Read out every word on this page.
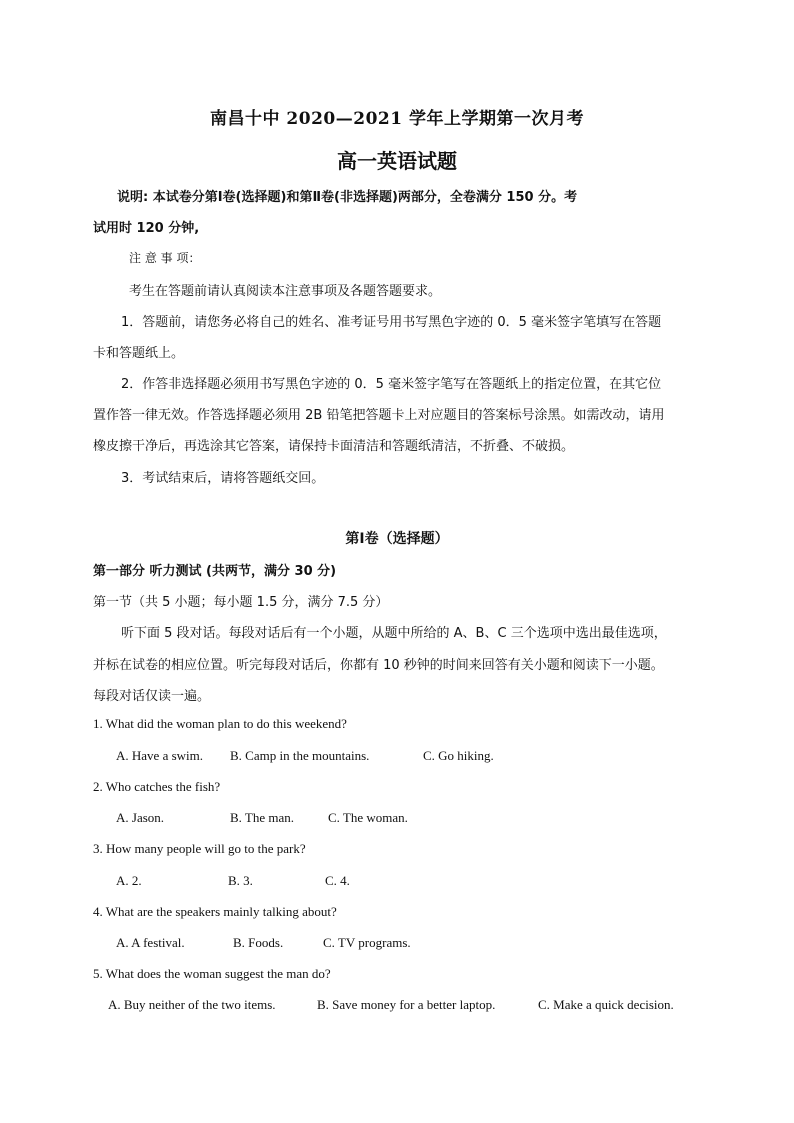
南昌十中 2020—2021 学年上学期第一次月考
高一英语试题
说明: 本试卷分第Ⅰ卷(选择题)和第Ⅱ卷(非选择题)两部分，全卷满分 150 分。考
试用时 120 分钟,
注 意 事 项：
考生在答题前请认真阅读本注意事项及各题答题要求。
1．答题前，请您务必将自己的姓名、准考证号用书写黑色字迹的 0．5 毫米签字笔填写在答题
卡和答题纸上。
2．作答非选择题必须用书写黑色字迹的 0．5 毫米签字笔写在答题纸上的指定位置，在其它位
置作答一律无效。作答选择题必须用 2B 铅笔把答题卡上对应题目的答案标号涂黑。如需改动，请用
橡皮擦干净后，再选涂其它答案，请保持卡面清洁和答题纸清洁，不折叠、不破损。
3．考试结束后，请将答题纸交回。
第Ⅰ卷（选择题）
第一部分 听力测试 (共两节，满分 30 分)
第一节（共 5 小题；每小题 1.5 分，满分 7.5 分）
听下面 5 段对话。每段对话后有一个小题，从题中所给的 A、B、C 三个选项中选出最佳选项，
并标在试卷的相应位置。听完每段对话后，你都有 10 秒钟的时间来回答有关小题和阅读下一小题。
每段对话仅读一遍。
1. What did the woman plan to do this weekend?
A. Have a swim. B. Camp in the mountains.	C. Go hiking.
2. Who catches the fish?
A. Jason.	B. The man.	C. The woman.
3. How many people will go to the park?
A. 2.	B. 3.	C. 4.
4. What are the speakers mainly talking about?
A. A festival.	B. Foods.	C. TV programs.
5. What does the woman suggest the man do?
A. Buy neither of the two items.	B. Save money for a better laptop.	C. Make a quick decision.
